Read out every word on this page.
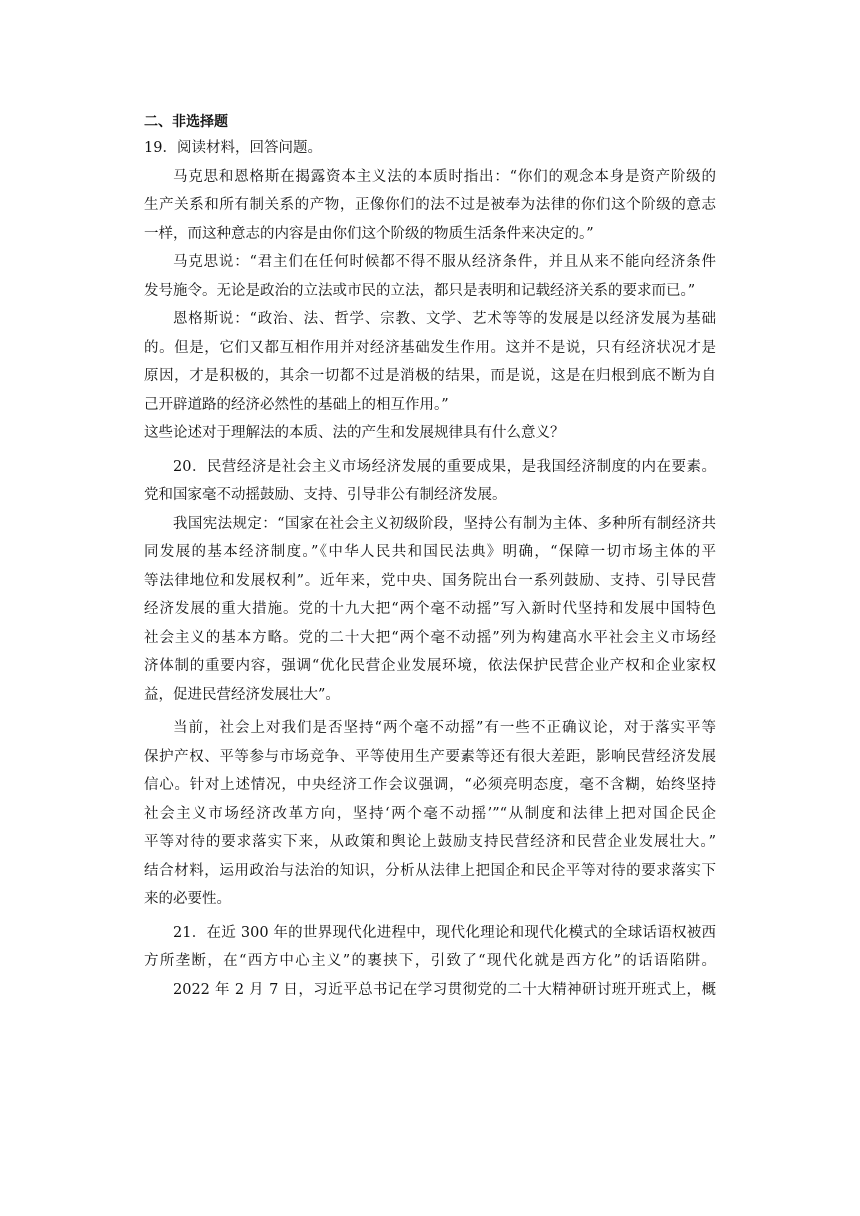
二、非选择题

19．阅读材料，回答问题。

马克思和恩格斯在揭露资本主义法的本质时指出：“你们的观念本身是资产阶级的

生产关系和所有制关系的产物，正像你们的法不过是被奉为法律的你们这个阶级的意志

一样，而这种意志的内容是由你们这个阶级的物质生活条件来决定的。”

马克思说：“君主们在任何时候都不得不服从经济条件，并且从来不能向经济条件

发号施令。无论是政治的立法或市民的立法，都只是表明和记载经济关系的要求而已。”

恩格斯说：“政治、法、哲学、宗教、文学、艺术等等的发展是以经济发展为基础

的。但是，它们又都互相作用并对经济基础发生作用。这并不是说，只有经济状况才是

原因，才是积极的，其余一切都不过是消极的结果，而是说，这是在归根到底不断为自

己开辟道路的经济必然性的基础上的相互作用。”

这些论述对于理解法的本质、法的产生和发展规律具有什么意义？

20．民营经济是社会主义市场经济发展的重要成果，是我国经济制度的内在要素。

党和国家毫不动摇鼓励、支持、引导非公有制经济发展。

我国宪法规定：“国家在社会主义初级阶段，坚持公有制为主体、多种所有制经济共

同发展的基本经济制度。”《中华人民共和国民法典》明确，“保障一切市场主体的平

等法律地位和发展权利”。近年来，党中央、国务院出台一系列鼓励、支持、引导民营

经济发展的重大措施。党的十九大把“两个毫不动摇”写入新时代坚持和发展中国特色

社会主义的基本方略。党的二十大把“两个毫不动摇”列为构建高水平社会主义市场经

济体制的重要内容，强调“优化民营企业发展环境，依法保护民营企业产权和企业家权

益，促进民营经济发展壮大”。

当前，社会上对我们是否坚持“两个毫不动摇”有一些不正确议论，对于落实平等

保护产权、平等参与市场竞争、平等使用生产要素等还有很大差距，影响民营经济发展

信心。针对上述情况，中央经济工作会议强调，“必须亮明态度，毫不含糊，始终坚持

社会主义市场经济改革方向，坚持‘两个毫不动摇’”“从制度和法律上把对国企民企

平等对待的要求落实下来，从政策和舆论上鼓励支持民营经济和民营企业发展壮大。”

结合材料，运用政治与法治的知识，分析从法律上把国企和民企平等对待的要求落实下

来的必要性。

21．在近 300 年的世界现代化进程中，现代化理论和现代化模式的全球话语权被西

方所垄断，在“西方中心主义”的裹挟下，引致了“现代化就是西方化”的话语陷阱。

2022 年 2 月 7 日，习近平总书记在学习贯彻党的二十大精神研讨班开班式上，概
